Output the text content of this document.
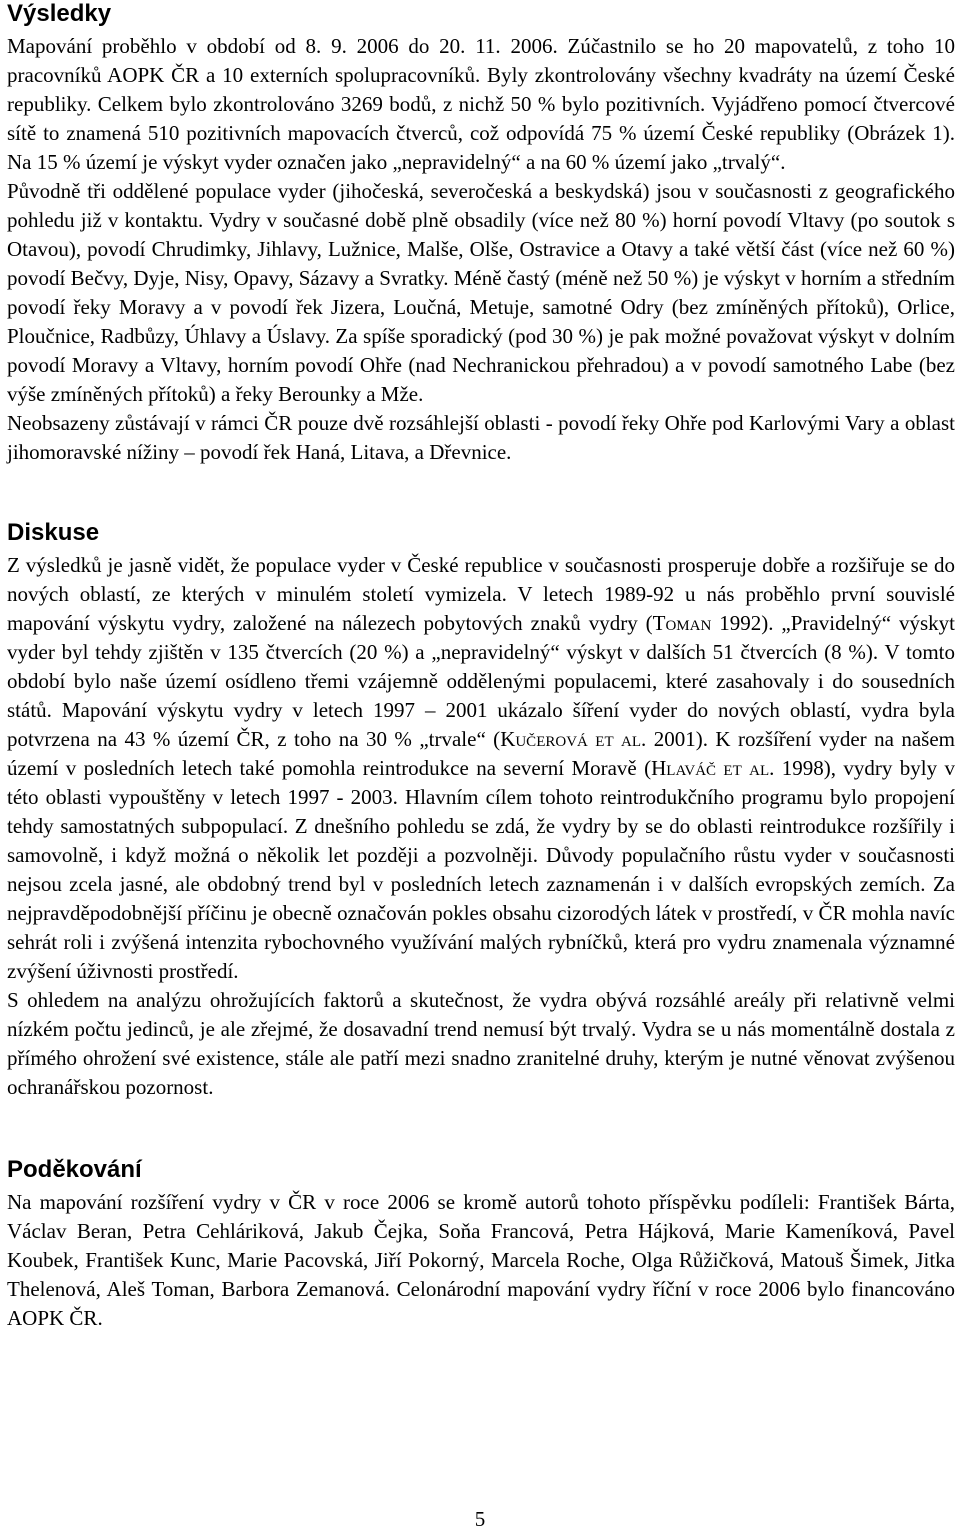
Výsledky

Mapování proběhlo v období od 8. 9. 2006 do 20. 11. 2006. Zúčastnilo se ho 20 mapovatelů, z toho 10 pracovníků AOPK ČR a 10 externích spolupracovníků. Byly zkontrolovány všechny kvadráty na území České republiky. Celkem bylo zkontrolováno 3269 bodů, z nichž 50 % bylo pozitivních. Vyjádřeno pomocí čtvercové sítě to znamená 510 pozitivních mapovacích čtverců, což odpovídá 75 % území České republiky (Obrázek 1). Na 15 % území je výskyt vyder označen jako „nepravidelný“ a na 60 % území jako „trvalý“.

Původně tři oddělené populace vyder (jihočeská, severočeská a beskydská) jsou v současnosti z geografického pohledu již v kontaktu. Vydry v současné době plně obsadily (více než 80 %) horní povodí Vltavy (po soutok s Otavou), povodí Chrudimky, Jihlavy, Lužnice, Malše, Olše, Ostravice a Otavy a také větší část (více než 60 %) povodí Bečvy, Dyje, Nisy, Opavy, Sázavy a Svratky. Méně častý (méně než 50 %) je výskyt v horním a středním povodí řeky Moravy a v povodí řek Jizera, Loučná, Metuje, samotné Odry (bez zmíněných přítoků), Orlice, Ploučnice, Radbůzy, Úhlavy a Úslavy. Za spíše sporadický (pod 30 %) je pak možné považovat výskyt v dolním povodí Moravy a Vltavy, horním povodí Ohře (nad Nechranickou přehradou) a v povodí samotného Labe (bez výše zmíněných přítoků) a řeky Berounky a Mže.

Neobsazeny zůstávají v rámci ČR pouze dvě rozsáhlejší oblasti - povodí řeky Ohře pod Karlovými Vary a oblast jihomoravské nížiny – povodí řek Haná, Litava, a Dřevnice.

Diskuse

Z výsledků je jasně vidět, že populace vyder v České republice v současnosti prosperuje dobře a rozšiřuje se do nových oblastí, ze kterých v minulém století vymizela. V letech 1989-92 u nás proběhlo první souvislé mapování výskytu vydry, založené na nálezech pobytových znaků vydry (Toman 1992). „Pravidelný“ výskyt vyder byl tehdy zjištěn v 135 čtvercích (20 %) a „nepravidelný“ výskyt v dalších 51 čtvercích (8 %). V tomto období bylo naše území osídleno třemi vzájemně oddělenými populacemi, které zasahovaly i do sousedních států. Mapování výskytu vydry v letech 1997 – 2001 ukázalo šíření vyder do nových oblastí, vydra byla potvrzena na 43 % území ČR, z toho na 30 % „trvale“ (Kučerová et al. 2001). K rozšíření vyder na našem území v posledních letech také pomohla reintrodukce na severní Moravě (Hlaváč et al. 1998), vydry byly v této oblasti vypouštěny v letech 1997 - 2003. Hlavním cílem tohoto reintrodukčního programu bylo propojení tehdy samostatných subpopulací. Z dnešního pohledu se zdá, že vydry by se do oblasti reintrodukce rozšířily i samovolně, i když možná o několik let později a pozvolněji. Důvody populačního růstu vyder v současnosti nejsou zcela jasné, ale obdobný trend byl v posledních letech zaznamenán i v dalších evropských zemích. Za nejpravděpodobnější příčinu je obecně označován pokles obsahu cizorodých látek v prostředí, v ČR mohla navíc sehrát roli i zvýšená intenzita rybochovného využívání malých rybníčků, která pro vydru znamenala významné zvýšení úživnosti prostředí.

S ohledem na analýzu ohrožujících faktorů a skutečnost, že vydra obývá rozsáhlé areály při relativně velmi nízkém počtu jedinců, je ale zřejmé, že dosavadní trend nemusí být trvalý. Vydra se u nás momentálně dostala z přímého ohrožení své existence, stále ale patří mezi snadno zranitelné druhy, kterým je nutné věnovat zvýšenou ochranářskou pozornost.

Poděkování

Na mapování rozšíření vydry v ČR v roce 2006 se kromě autorů tohoto příspěvku podíleli: František Bárta, Václav Beran, Petra Cehláriková, Jakub Čejka, Soňa Francová, Petra Hájková, Marie Kameníková, Pavel Koubek, František Kunc, Marie Pacovská, Jiří Pokorný, Marcela Roche, Olga Růžičková, Matouš Šimek, Jitka Thelenová, Aleš Toman, Barbora Zemanová. Celonárodní mapování vydry říční v roce 2006 bylo financováno AOPK ČR.

5
